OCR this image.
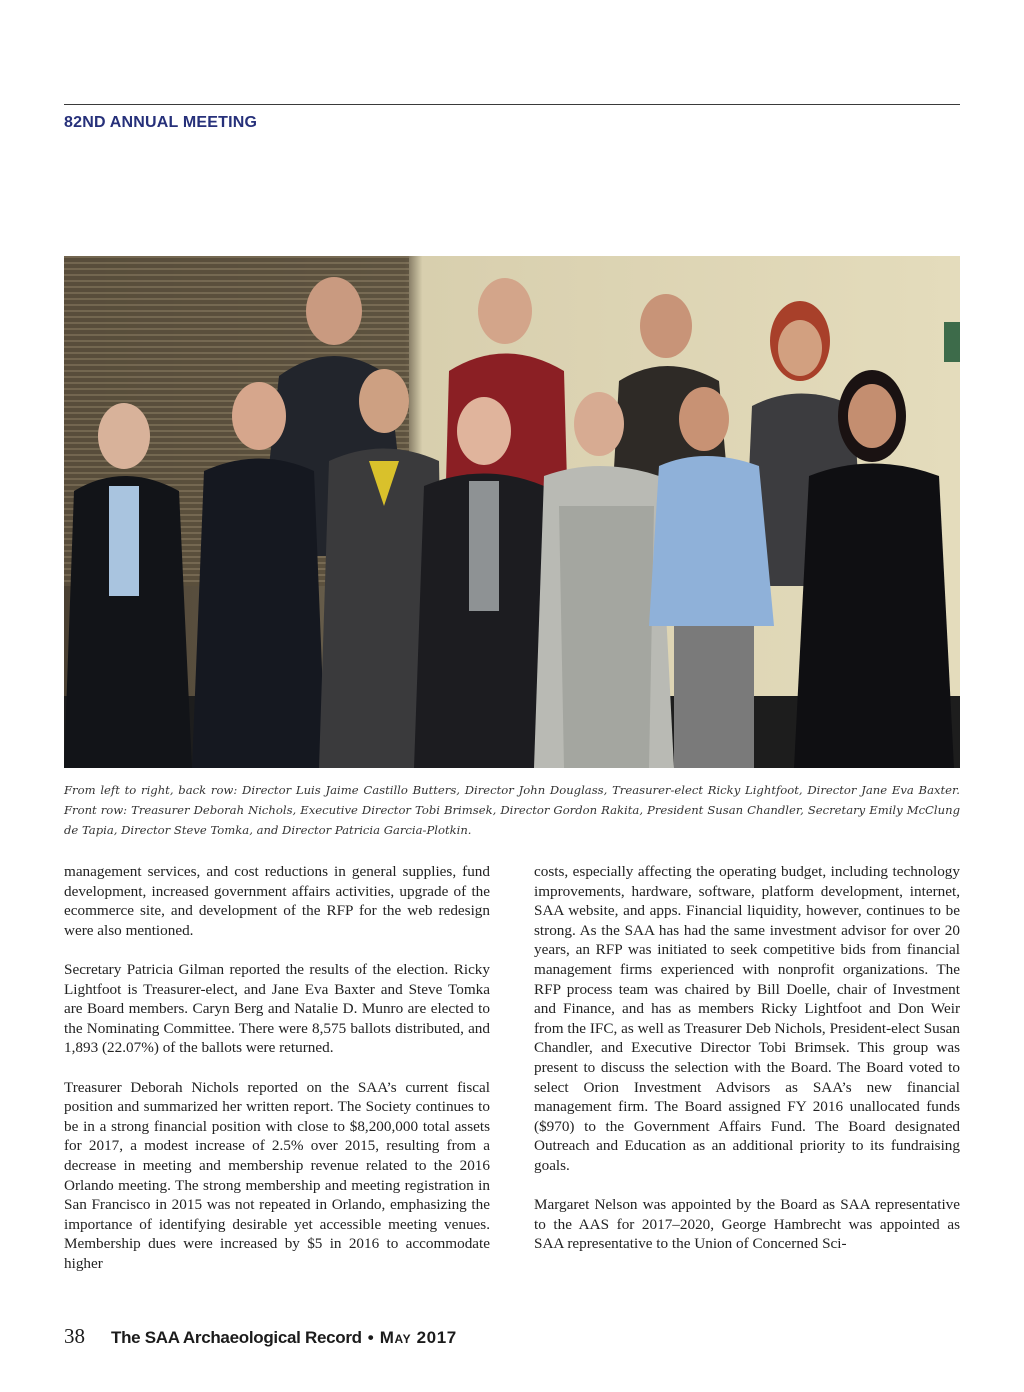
82ND ANNUAL MEETING
From left to right, back row: Director Luis Jaime Castillo Butters, Director John Douglass, Treasurer-elect Ricky Lightfoot, Director Jane Eva Baxter. Front row: Treasurer Deborah Nichols, Executive Director Tobi Brimsek, Director Gordon Rakita, President Susan Chandler, Secretary Emily McClung de Tapia, Director Steve Tomka, and Director Patricia Garcia-Plotkin.

management services, and cost reductions in general supplies, fund development, increased government affairs activities, upgrade of the ecommerce site, and development of the RFP for the web redesign were also mentioned.

Secretary Patricia Gilman reported the results of the election. Ricky Lightfoot is Treasurer-elect, and Jane Eva Baxter and Steve Tomka are Board members. Caryn Berg and Natalie D. Munro are elected to the Nominating Committee. There were 8,575 ballots distributed, and 1,893 (22.07%) of the ballots were returned.

Treasurer Deborah Nichols reported on the SAA’s current fiscal position and summarized her written report. The Society continues to be in a strong financial position with close to $8,200,000 total assets for 2017, a modest increase of 2.5% over 2015, resulting from a decrease in meeting and membership revenue related to the 2016 Orlando meeting. The strong membership and meeting registration in San Francisco in 2015 was not repeated in Orlando, emphasizing the importance of identifying desirable yet accessible meeting venues. Membership dues were increased by $5 in 2016 to accommodate higher

costs, especially affecting the operating budget, including technology improvements, hardware, software, platform development, internet, SAA website, and apps. Financial liquidity, however, continues to be strong. As the SAA has had the same investment advisor for over 20 years, an RFP was initiated to seek competitive bids from financial management firms experienced with nonprofit organizations. The RFP process team was chaired by Bill Doelle, chair of Investment and Finance, and has as members Ricky Lightfoot and Don Weir from the IFC, as well as Treasurer Deb Nichols, President-elect Susan Chandler, and Executive Director Tobi Brimsek. This group was present to discuss the selection with the Board. The Board voted to select Orion Investment Advisors as SAA’s new financial management firm. The Board assigned FY 2016 unallocated funds ($970) to the Government Affairs Fund. The Board designated Outreach and Education as an additional priority to its fundraising goals.

Margaret Nelson was appointed by the Board as SAA representative to the AAS for 2017–2020, George Hambrecht was appointed as SAA representative to the Union of Concerned Sci-

38 The SAA Archaeological Record • May 2017
